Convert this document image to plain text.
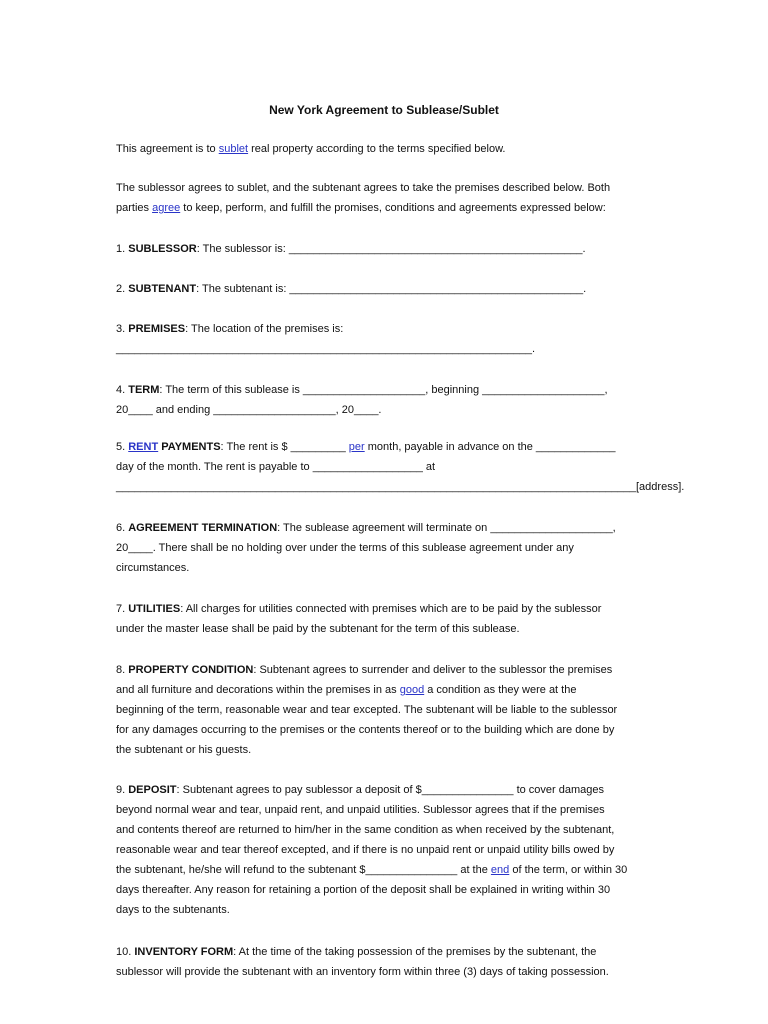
New York Agreement to Sublease/Sublet
This agreement is to sublet real property according to the terms specified below.
The sublessor agrees to sublet, and the subtenant agrees to take the premises described below. Both
parties agree to keep, perform, and fulfill the promises, conditions and agreements expressed below:
1. SUBLESSOR: The sublessor is: ________________________________________________.
2. SUBTENANT: The subtenant is: ________________________________________________.
3. PREMISES: The location of the premises is:
____________________________________________________________________.
4. TERM: The term of this sublease is ____________________, beginning ____________________,
20____ and ending ____________________, 20____.
5. RENT PAYMENTS: The rent is $ _________ per month, payable in advance on the _____________
day of the month. The rent is payable to __________________ at
_____________________________________________________________________________________[address].
6. AGREEMENT TERMINATION: The sublease agreement will terminate on ____________________,
20____. There shall be no holding over under the terms of this sublease agreement under any
circumstances.
7. UTILITIES: All charges for utilities connected with premises which are to be paid by the sublessor
under the master lease shall be paid by the subtenant for the term of this sublease.
8. PROPERTY CONDITION: Subtenant agrees to surrender and deliver to the sublessor the premises
and all furniture and decorations within the premises in as good a condition as they were at the
beginning of the term, reasonable wear and tear excepted. The subtenant will be liable to the sublessor
for any damages occurring to the premises or the contents thereof or to the building which are done by
the subtenant or his guests.
9. DEPOSIT: Subtenant agrees to pay sublessor a deposit of $_______________ to cover damages
beyond normal wear and tear, unpaid rent, and unpaid utilities. Sublessor agrees that if the premises
and contents thereof are returned to him/her in the same condition as when received by the subtenant,
reasonable wear and tear thereof excepted, and if there is no unpaid rent or unpaid utility bills owed by
the subtenant, he/she will refund to the subtenant $_______________ at the end of the term, or within 30
days thereafter. Any reason for retaining a portion of the deposit shall be explained in writing within 30
days to the subtenants.
10. INVENTORY FORM: At the time of the taking possession of the premises by the subtenant, the
sublessor will provide the subtenant with an inventory form within three (3) days of taking possession.
